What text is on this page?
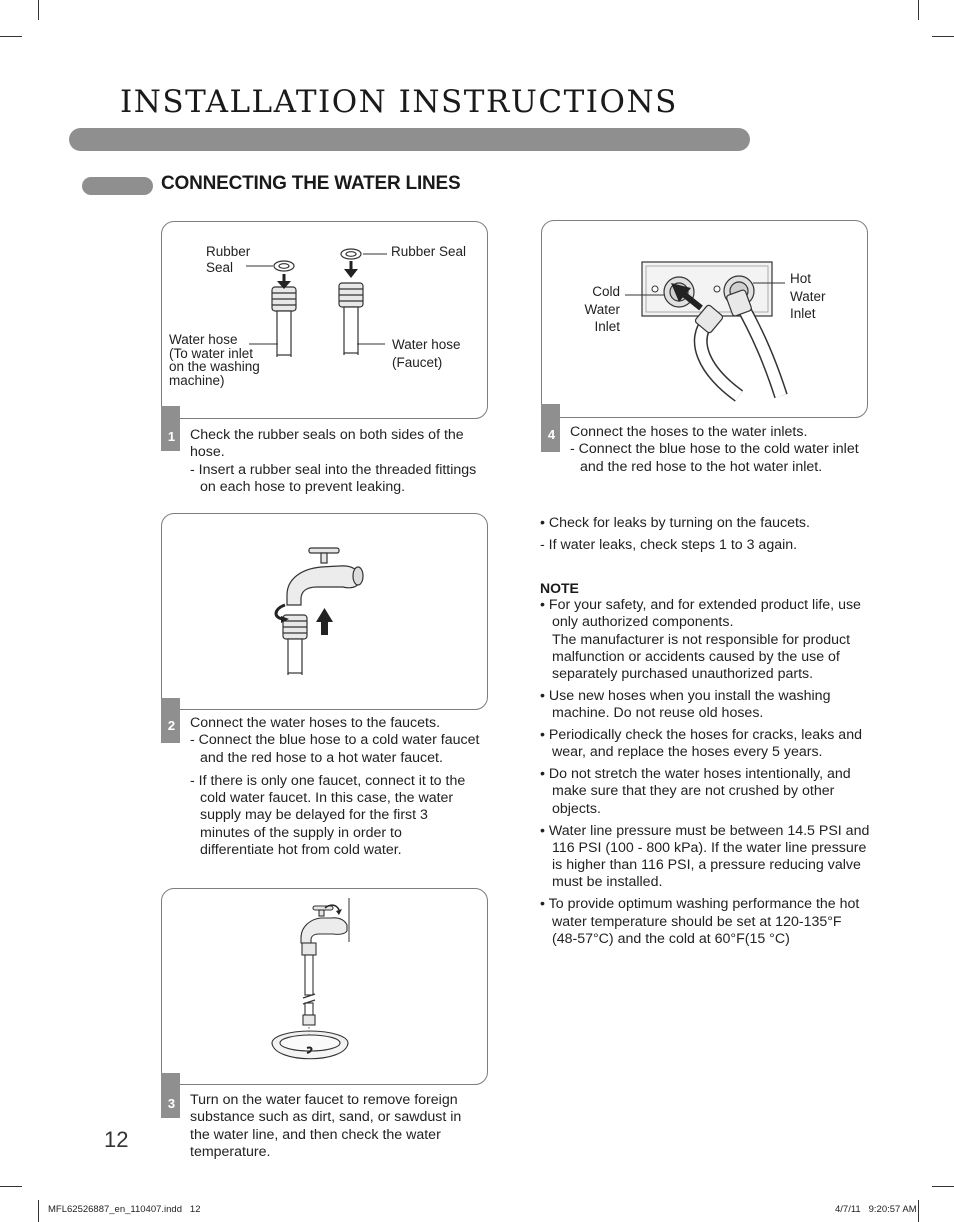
INSTALLATION INSTRUCTIONS
CONNECTING THE WATER LINES
Rubber
Seal
Rubber Seal
Water hose
(To water inlet
on the washing
machine)
Water hose
(Faucet)
1	Check the rubber seals on both sides of the hose.

- Insert a rubber seal into the threaded fittings on each hose to prevent leaking.

2	Connect the water hoses to the faucets.

- Connect the blue hose to a cold water faucet and the red hose to a hot water faucet.

- If there is only one faucet, connect it to the cold water faucet. In this case, the water supply may be delayed for the first 3 minutes of the supply in order to differentiate hot from cold water.

3	Turn on the water faucet to remove foreign substance such as dirt, sand, or sawdust in the water line, and then check the water temperature.

Cold
Water
Inlet
Hot
Water
Inlet
4	Connect the hoses to the water inlets.

- Connect the blue hose to the cold water inlet and the red hose to the hot water inlet.

• Check for leaks by turning on the faucets.
- If water leaks, check steps 1 to 3 again.
NOTE

• For your safety, and for extended product life, use only authorized components.

The manufacturer is not responsible for product malfunction or accidents caused by the use of separately purchased unauthorized parts.

• Use new hoses when you install the washing machine. Do not reuse old hoses.

• Periodically check the hoses for cracks, leaks and wear, and replace the hoses every 5 years.

• Do not stretch the water hoses intentionally, and make sure that they are not crushed by other objects.

• Water line pressure must be between 14.5 PSI and 116 PSI (100 - 800 kPa). If the water line pressure is higher than 116 PSI, a pressure reducing valve must be installed.

• To provide optimum washing performance the hot water temperature should be set at 120-135°F (48-57°C) and the cold at 60°F(15 °C)

12
MFL62526887_en_110407.indd   12	4/7/11   9:20:57 AM
